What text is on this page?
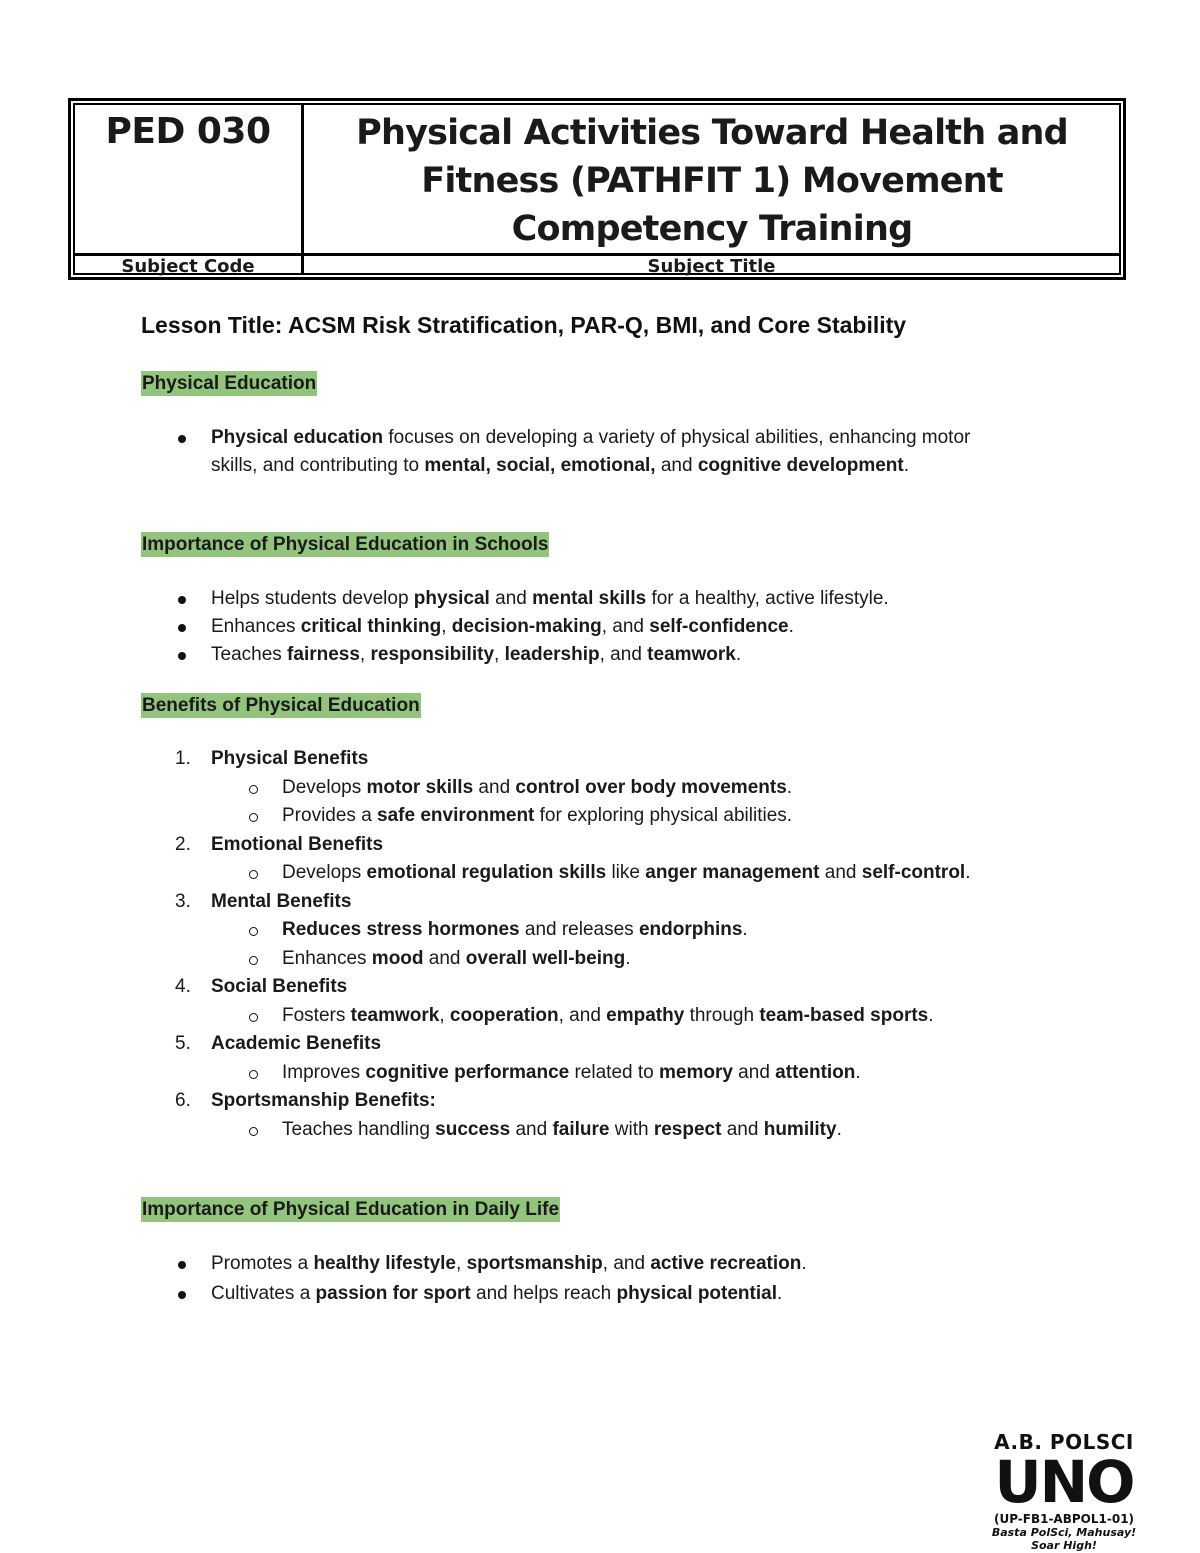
PED 030	Physical Activities Toward Health and Fitness (PATHFIT 1) Movement Competency Training
Subject Code	Subject Title
Lesson Title: ACSM Risk Stratification, PAR-Q, BMI, and Core Stability
Physical Education
Physical education focuses on developing a variety of physical abilities, enhancing motor skills, and contributing to mental, social, emotional, and cognitive development.
Importance of Physical Education in Schools
Helps students develop physical and mental skills for a healthy, active lifestyle.
Enhances critical thinking, decision-making, and self-confidence.
Teaches fairness, responsibility, leadership, and teamwork.
Benefits of Physical Education
1. Physical Benefits
Develops motor skills and control over body movements.
Provides a safe environment for exploring physical abilities.
2. Emotional Benefits
Develops emotional regulation skills like anger management and self-control.
3. Mental Benefits
Reduces stress hormones and releases endorphins.
Enhances mood and overall well-being.
4. Social Benefits
Fosters teamwork, cooperation, and empathy through team-based sports.
5. Academic Benefits
Improves cognitive performance related to memory and attention.
6. Sportsmanship Benefits:
Teaches handling success and failure with respect and humility.
Importance of Physical Education in Daily Life
Promotes a healthy lifestyle, sportsmanship, and active recreation.
Cultivates a passion for sport and helps reach physical potential.
A.B. POLSCI
UNO
(UP-FB1-ABPOL1-01)
Basta PolSci, Mahusay!
Soar High!
